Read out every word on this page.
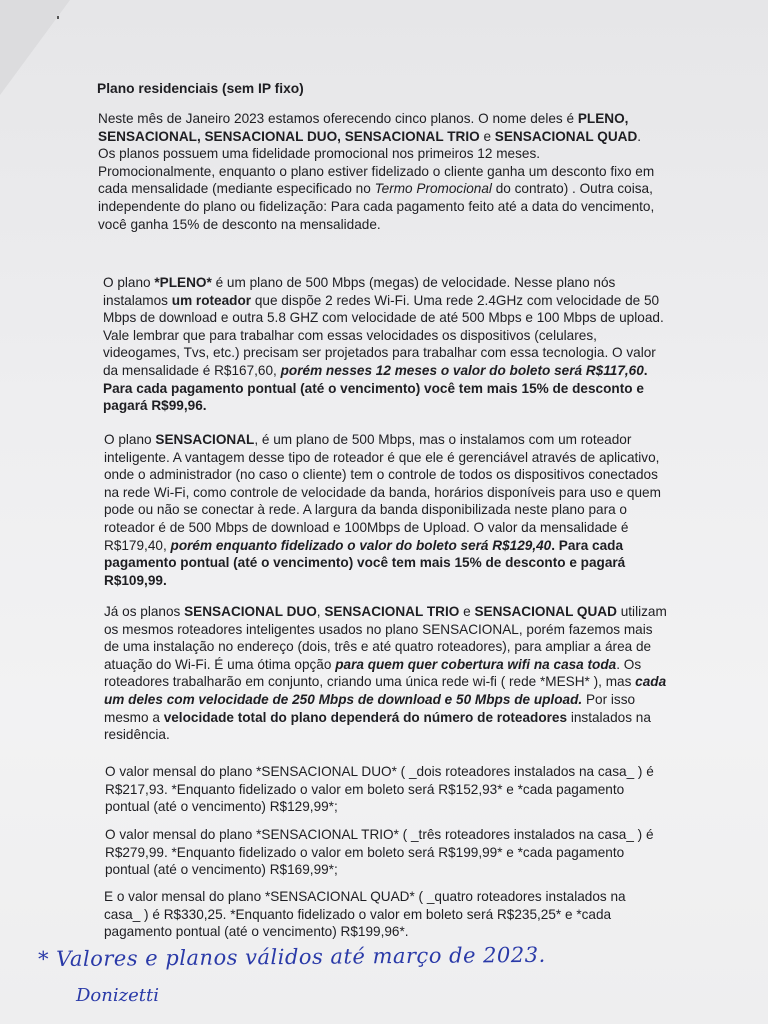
Plano residenciais (sem IP fixo)

Neste mês de Janeiro 2023 estamos oferecendo cinco planos. O nome deles é PLENO, SENSACIONAL, SENSACIONAL DUO, SENSACIONAL TRIO e SENSACIONAL QUAD. Os planos possuem uma fidelidade promocional nos primeiros 12 meses. Promocionalmente, enquanto o plano estiver fidelizado o cliente ganha um desconto fixo em cada mensalidade (mediante especificado no Termo Promocional do contrato) . Outra coisa, independente do plano ou fidelização: Para cada pagamento feito até a data do vencimento, você ganha 15% de desconto na mensalidade.

O plano *PLENO* é um plano de 500 Mbps (megas) de velocidade. Nesse plano nós instalamos um roteador que dispõe 2 redes Wi-Fi. Uma rede 2.4GHz com velocidade de 50 Mbps de download e outra 5.8 GHZ com velocidade de até 500 Mbps e 100 Mbps de upload. Vale lembrar que para trabalhar com essas velocidades os dispositivos (celulares, videogames, Tvs, etc.) precisam ser projetados para trabalhar com essa tecnologia. O valor da mensalidade é R$167,60, porém nesses 12 meses o valor do boleto será R$117,60. Para cada pagamento pontual (até o vencimento) você tem mais 15% de desconto e pagará R$99,96.

O plano SENSACIONAL, é um plano de 500 Mbps, mas o instalamos com um roteador inteligente. A vantagem desse tipo de roteador é que ele é gerenciável através de aplicativo, onde o administrador (no caso o cliente) tem o controle de todos os dispositivos conectados na rede Wi-Fi, como controle de velocidade da banda, horários disponíveis para uso e quem pode ou não se conectar à rede. A largura da banda disponibilizada neste plano para o roteador é de 500 Mbps de download e 100Mbps de Upload. O valor da mensalidade é R$179,40, porém enquanto fidelizado o valor do boleto será R$129,40. Para cada pagamento pontual (até o vencimento) você tem mais 15% de desconto e pagará R$109,99.

Já os planos SENSACIONAL DUO, SENSACIONAL TRIO e SENSACIONAL QUAD utilizam os mesmos roteadores inteligentes usados no plano SENSACIONAL, porém fazemos mais de uma instalação no endereço (dois, três e até quatro roteadores), para ampliar a área de atuação do Wi-Fi. É uma ótima opção para quem quer cobertura wifi na casa toda. Os roteadores trabalharão em conjunto, criando uma única rede wi-fi ( rede *MESH* ), mas cada um deles com velocidade de 250 Mbps de download e 50 Mbps de upload. Por isso mesmo a velocidade total do plano dependerá do número de roteadores instalados na residência.

O valor mensal do plano *SENSACIONAL DUO* ( _dois roteadores instalados na casa_ ) é R$217,93. *Enquanto fidelizado o valor em boleto será R$152,93* e *cada pagamento pontual (até o vencimento) R$129,99*;

O valor mensal do plano *SENSACIONAL TRIO* ( _três roteadores instalados na casa_ ) é R$279,99. *Enquanto fidelizado o valor em boleto será R$199,99* e *cada pagamento pontual (até o vencimento) R$169,99*;

E o valor mensal do plano *SENSACIONAL QUAD* ( _quatro roteadores instalados na casa_ ) é R$330,25. *Enquanto fidelizado o valor em boleto será R$235,25* e *cada pagamento pontual (até o vencimento) R$199,96*.

* Valores e planos válidos até março de 2023.
Donizetti
